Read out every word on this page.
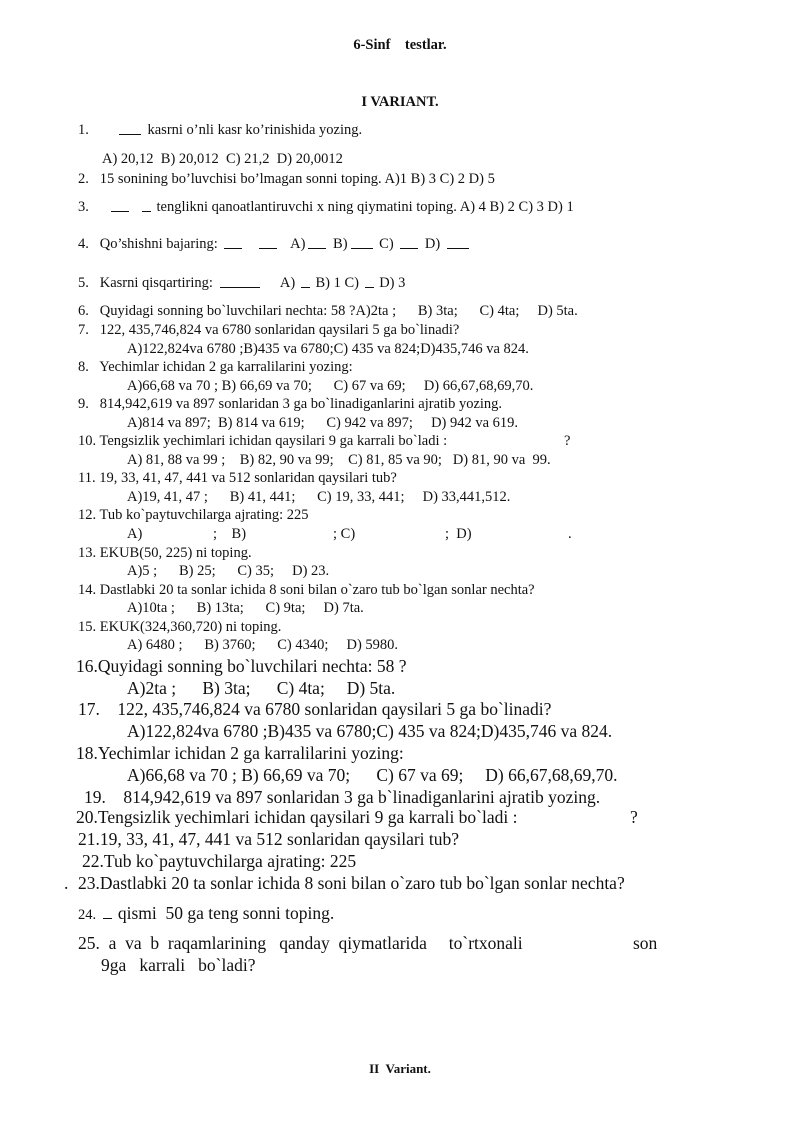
6-Sinf    testlar.
I VARIANT.
1.	kasrni o’nli kasr ko’rinishida yozing.
A) 20,12  B) 20,012  C) 21,2  D) 20,0012
2.   15 sonining bo’luvchisi bo’lmagan sonni toping. A)1 B) 3 C) 2 D) 5
3.	tenglikni qanoatlantiruvchi x ning qiymatini toping. A) 4 B) 2 C) 3 D) 1
4. Qo’shishni bajaring:	A) B) C) D)
5. Kasrni qisqartiring:	A) B) 1 C) D) 3
6.   Quyidagi sonning bo`luvchilari nechta: 58 ?A)2ta ;      B) 3ta;      C) 4ta;     D) 5ta.
7.   122, 435,746,824 va 6780 sonlaridan qaysilari 5 ga bo`linadi?
A)122,824va 6780 ;B)435 va 6780;C) 435 va 824;D)435,746 va 824.
8.   Yechimlar ichidan 2 ga karralilarini yozing:
A)66,68 va 70 ; B) 66,69 va 70;      C) 67 va 69;     D) 66,67,68,69,70.
9.   814,942,619 va 897 sonlaridan 3 ga bo`linadiganlarini ajratib yozing.
A)814 va 897;  B) 814 va 619;      C) 942 va 897;     D) 942 va 619.
10. Tengsizlik yechimlari ichidan qaysilari 9 ga karrali bo`ladi :	?
A) 81, 88 va 99 ;    B) 82, 90 va 99;    C) 81, 85 va 90;   D) 81, 90 va  99.
11. 19, 33, 41, 47, 441 va 512 sonlaridan qaysilari tub?
A)19, 41, 47 ;      B) 41, 441;      C) 19, 33, 441;     D) 33,441,512.
12. Tub ko`paytuvchilarga ajrating: 225
A)	;    B)	; C)	;  D)	.
13. EKUB(50, 225) ni toping.
A)5 ;      B) 25;      C) 35;     D) 23.
14. Dastlabki 20 ta sonlar ichida 8 soni bilan o`zaro tub bo`lgan sonlar nechta?
A)10ta ;      B) 13ta;      C) 9ta;     D) 7ta.
15. EKUK(324,360,720) ni toping.
A) 6480 ;      B) 3760;      C) 4340;     D) 5980.
16.Quyidagi sonning bo`luvchilari nechta: 58 ?
A)2ta ;      B) 3ta;      C) 4ta;     D) 5ta.
17.    122, 435,746,824 va 6780 sonlaridan qaysilari 5 ga bo`linadi?
A)122,824va 6780 ;B)435 va 6780;C) 435 va 824;D)435,746 va 824.
18.Yechimlar ichidan 2 ga karralilarini yozing:
A)66,68 va 70 ; B) 66,69 va 70;      C) 67 va 69;     D) 66,67,68,69,70.
19.    814,942,619 va 897 sonlaridan 3 ga b`linadiganlarini ajratib yozing.
20.Tengsizlik yechimlari ichidan qaysilari 9 ga karrali bo`ladi :	?
21.19, 33, 41, 47, 441 va 512 sonlaridan qaysilari tub?
22.Tub ko`paytuvchilarga ajrating: 225
. 23.Dastlabki 20 ta sonlar ichida 8 soni bilan o`zaro tub bo`lgan sonlar nechta?
24. qismi  50 ga teng sonni toping.
25.  a  va  b  raqamlarining   qanday  qiymatlarida     to`rtxonali	son
9ga   karrali   bo`ladi?
II  Variant.
